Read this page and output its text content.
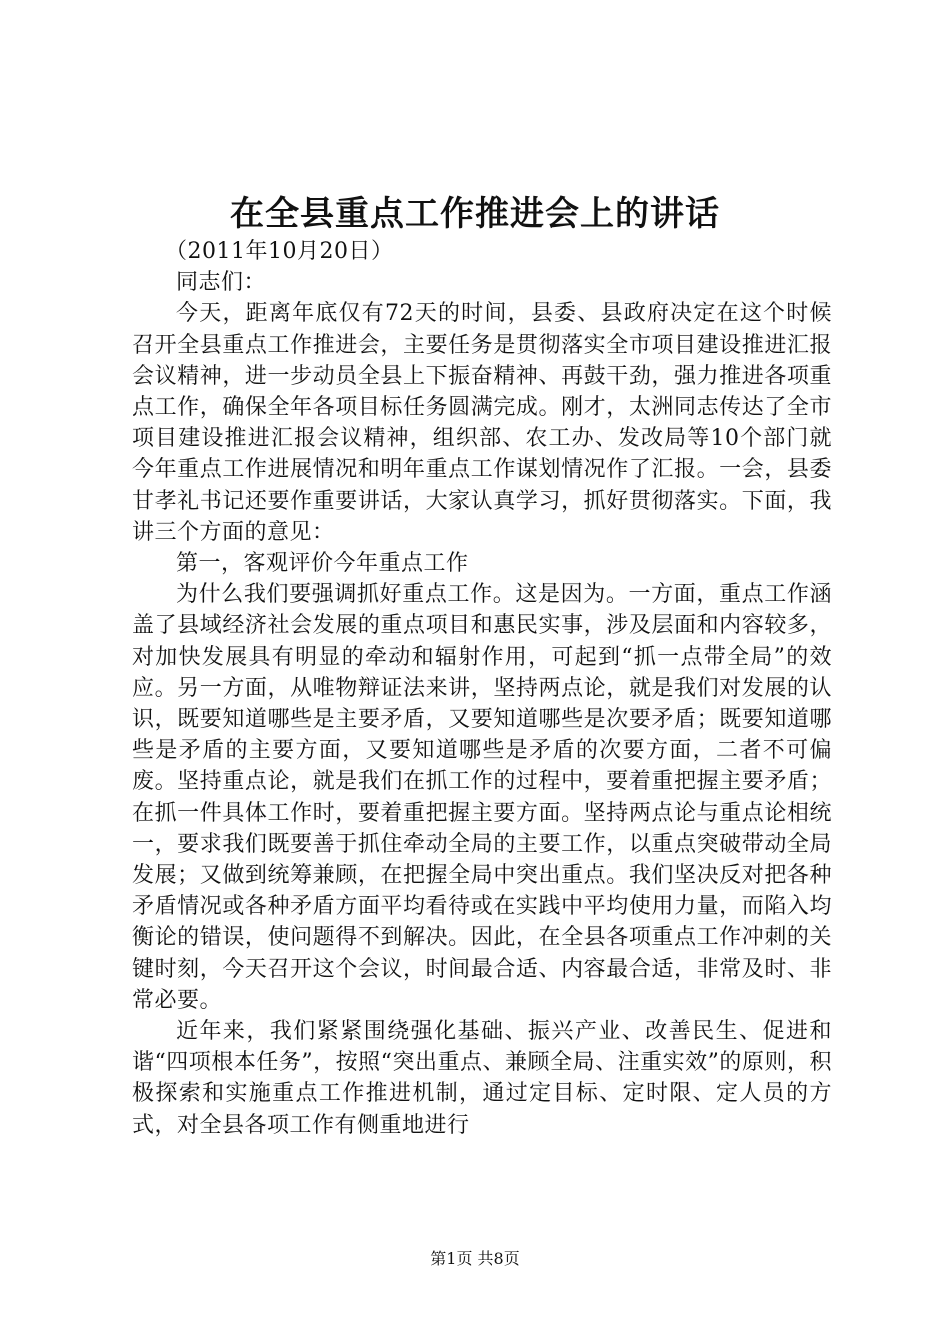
在全县重点工作推进会上的讲话

（2011年10月20日）

同志们：

今天，距离年底仅有72天的时间，县委、县政府决定在这个时候召开全县重点工作推进会，主要任务是贯彻落实全市项目建设推进汇报会议精神，进一步动员全县上下振奋精神、再鼓干劲，强力推进各项重点工作，确保全年各项目标任务圆满完成。刚才，太洲同志传达了全市项目建设推进汇报会议精神，组织部、农工办、发改局等10个部门就今年重点工作进展情况和明年重点工作谋划情况作了汇报。一会，县委甘孝礼书记还要作重要讲话，大家认真学习，抓好贯彻落实。下面，我讲三个方面的意见：

第一，客观评价今年重点工作

为什么我们要强调抓好重点工作。这是因为。一方面，重点工作涵盖了县域经济社会发展的重点项目和惠民实事，涉及层面和内容较多，对加快发展具有明显的牵动和辐射作用，可起到“抓一点带全局”的效应。另一方面，从唯物辩证法来讲，坚持两点论，就是我们对发展的认识，既要知道哪些是主要矛盾，又要知道哪些是次要矛盾；既要知道哪些是矛盾的主要方面，又要知道哪些是矛盾的次要方面，二者不可偏废。坚持重点论，就是我们在抓工作的过程中，要着重把握主要矛盾；在抓一件具体工作时，要着重把握主要方面。坚持两点论与重点论相统一，要求我们既要善于抓住牵动全局的主要工作，以重点突破带动全局发展；又做到统筹兼顾，在把握全局中突出重点。我们坚决反对把各种矛盾情况或各种矛盾方面平均看待或在实践中平均使用力量，而陷入均衡论的错误，使问题得不到解决。因此，在全县各项重点工作冲刺的关键时刻，今天召开这个会议，时间最合适、内容最合适，非常及时、非常必要。

近年来，我们紧紧围绕强化基础、振兴产业、改善民生、促进和谐“四项根本任务”，按照“突出重点、兼顾全局、注重实效”的原则，积极探索和实施重点工作推进机制，通过定目标、定时限、定人员的方式，对全县各项工作有侧重地进行

第1页 共8页
